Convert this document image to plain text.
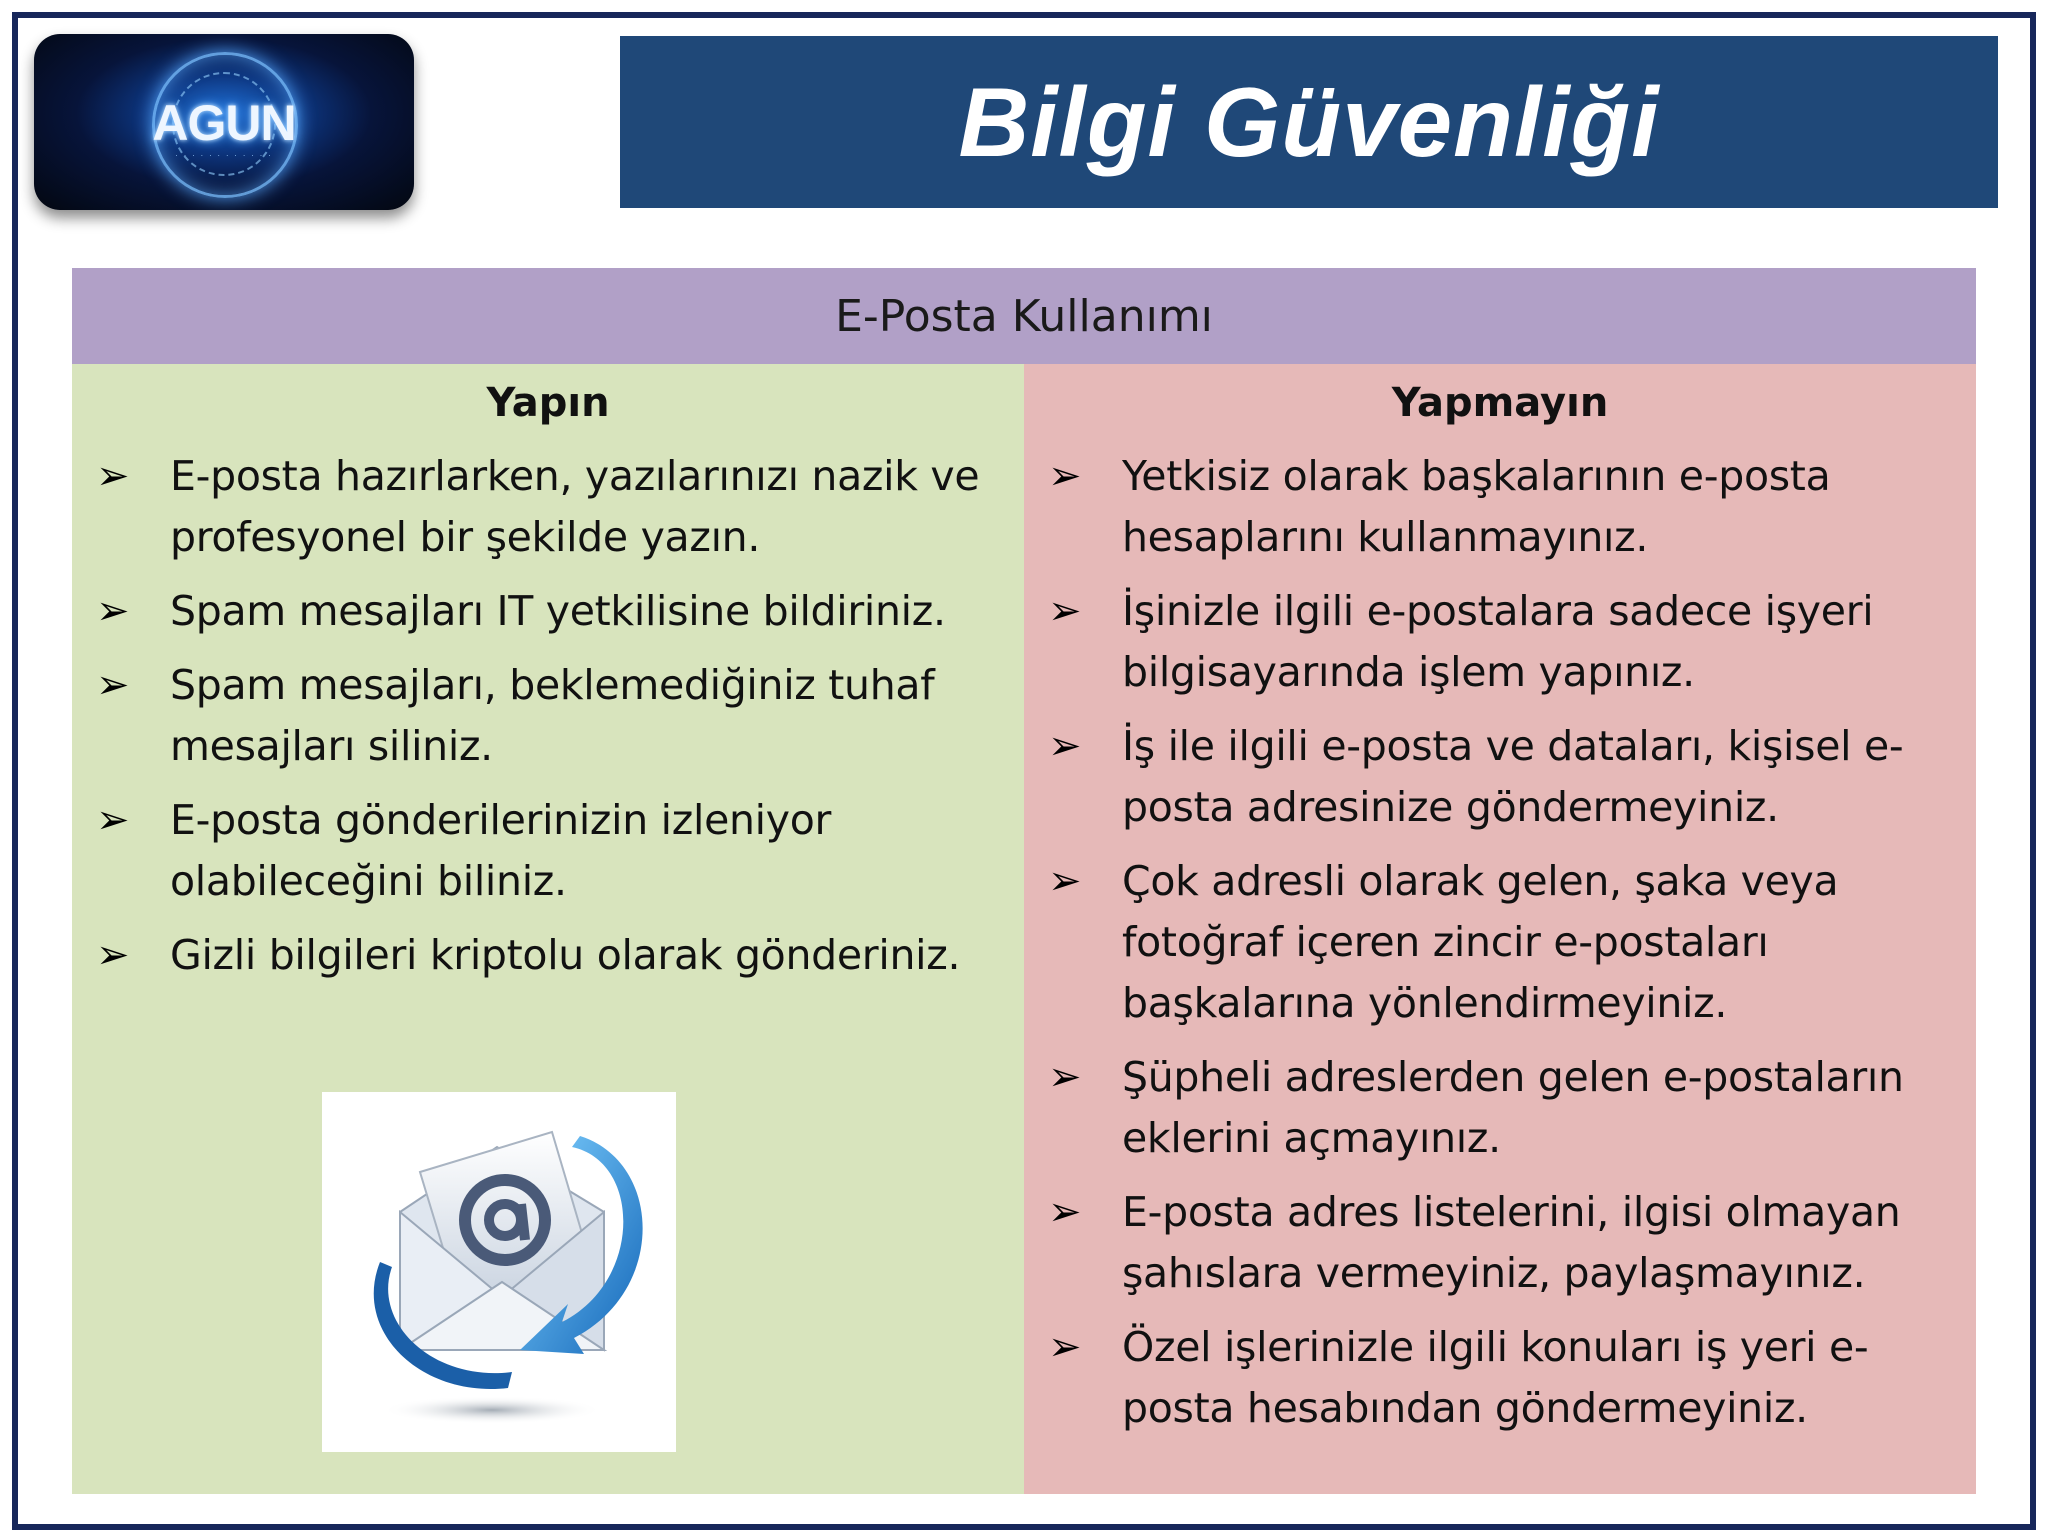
AGUN
· · · · · · · · · · · ·	Bilgi Güvenliği
E-Posta Kullanımı
Yapın
➢ E-posta hazırlarken, yazılarınızı nazik ve profesyonel bir şekilde yazın.
➢ Spam mesajları IT yetkilisine bildiriniz.
➢ Spam mesajları, beklemediğiniz tuhaf mesajları siliniz.
➢ E-posta gönderilerinizin izleniyor olabileceğini biliniz.
➢ Gizli bilgileri kriptolu olarak gönderiniz.
Yapmayın
➢ Yetkisiz olarak başkalarının e-posta hesaplarını kullanmayınız.
➢ İşinizle ilgili e-postalara sadece işyeri bilgisayarında işlem yapınız.
➢ İş ile ilgili e-posta ve dataları, kişisel e-posta adresinize göndermeyiniz.
➢ Çok adresli olarak gelen, şaka veya fotoğraf içeren zincir e-postaları başkalarına yönlendirmeyiniz.
➢ Şüpheli adreslerden gelen e-postaların eklerini açmayınız.
➢ E-posta adres listelerini, ilgisi olmayan şahıslara vermeyiniz, paylaşmayınız.
➢ Özel işlerinizle ilgili konuları iş yeri e-posta hesabından göndermeyiniz.
